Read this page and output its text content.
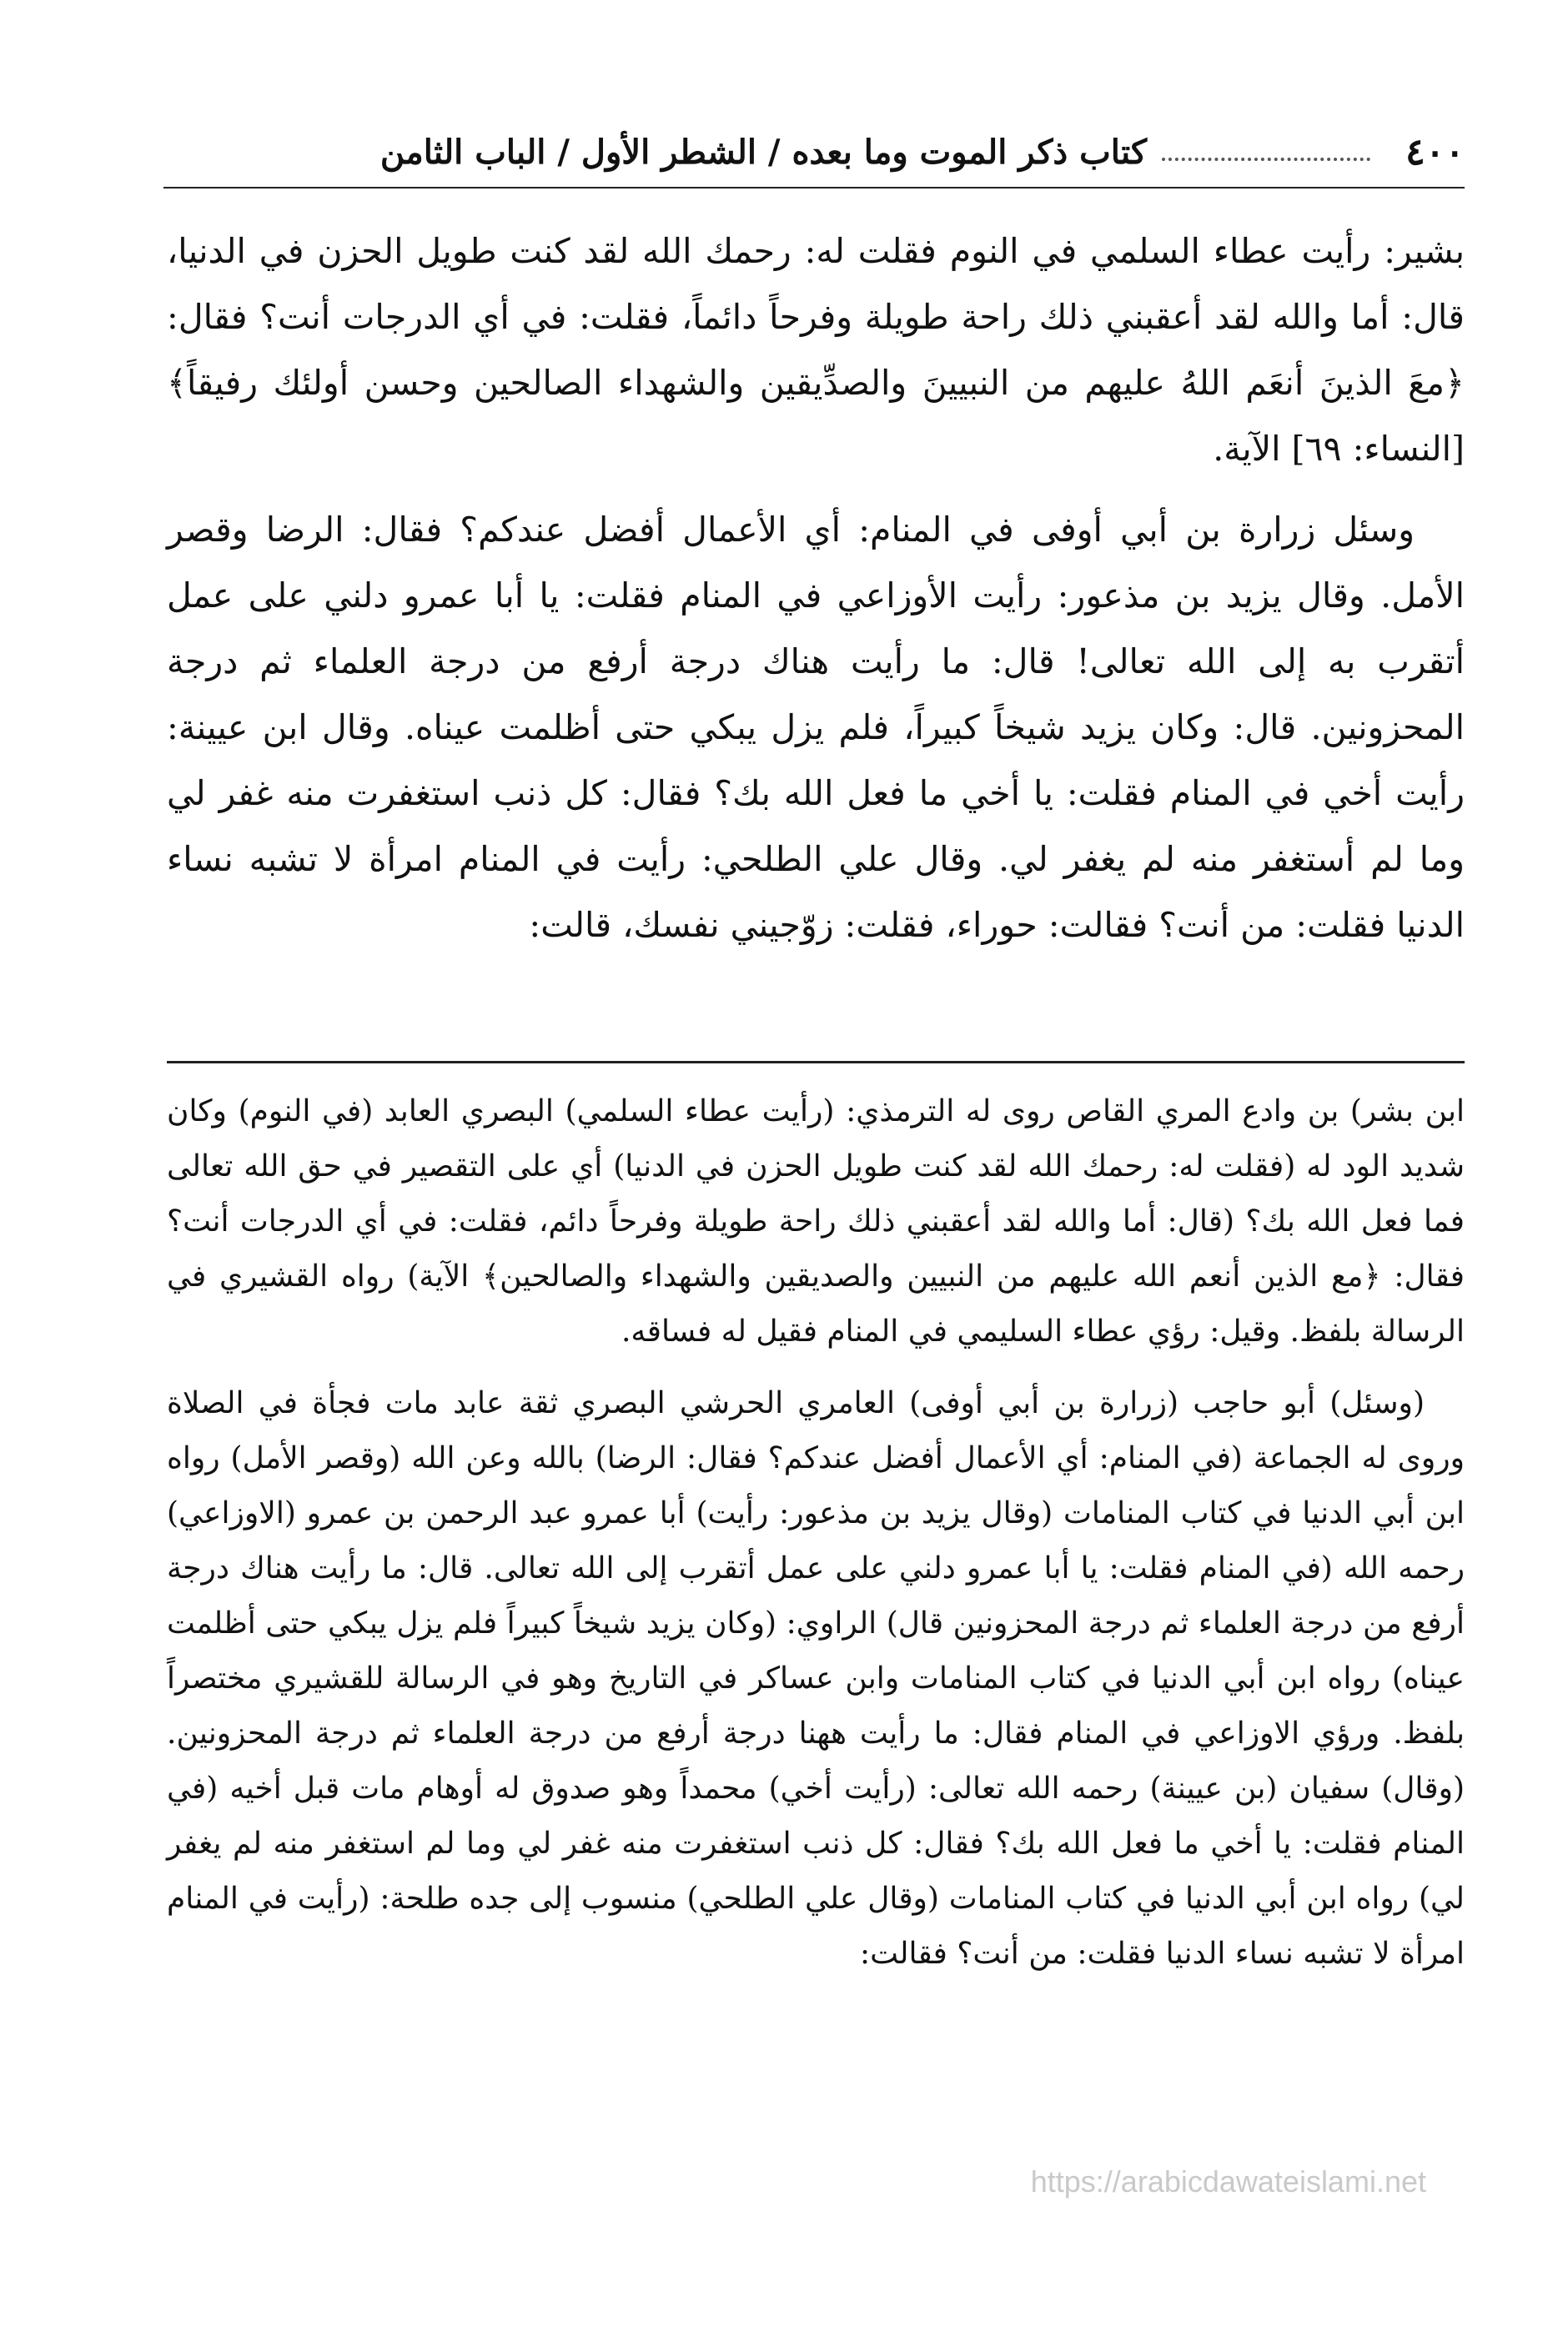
٤٠٠
كتاب ذكر الموت وما بعده / الشطر الأول / الباب الثامن

بشير: رأيت عطاء السلمي في النوم فقلت له: رحمك الله لقد كنت طويل الحزن في الدنيا، قال: أما والله لقد أعقبني ذلك راحة طويلة وفرحاً دائماً، فقلت: في أي الدرجات أنت؟ فقال: ﴿معَ الذينَ أنعَم اللهُ عليهم من النبيينَ والصدِّيقين والشهداء الصالحين وحسن أولئك رفيقاً﴾ [النساء: ٦٩] الآية.

وسئل زرارة بن أبي أوفى في المنام: أي الأعمال أفضل عندكم؟ فقال: الرضا وقصر الأمل. وقال يزيد بن مذعور: رأيت الأوزاعي في المنام فقلت: يا أبا عمرو دلني على عمل أتقرب به إلى الله تعالى! قال: ما رأيت هناك درجة أرفع من درجة العلماء ثم درجة المحزونين. قال: وكان يزيد شيخاً كبيراً، فلم يزل يبكي حتى أظلمت عيناه. وقال ابن عيينة: رأيت أخي في المنام فقلت: يا أخي ما فعل الله بك؟ فقال: كل ذنب استغفرت منه غفر لي وما لم أستغفر منه لم يغفر لي. وقال علي الطلحي: رأيت في المنام امرأة لا تشبه نساء الدنيا فقلت: من أنت؟ فقالت: حوراء، فقلت: زوّجيني نفسك، قالت:

ابن بشر) بن وادع المري القاص روى له الترمذي: (رأيت عطاء السلمي) البصري العابد (في النوم) وكان شديد الود له (فقلت له: رحمك الله لقد كنت طويل الحزن في الدنيا) أي على التقصير في حق الله تعالى فما فعل الله بك؟ (قال: أما والله لقد أعقبني ذلك راحة طويلة وفرحاً دائم، فقلت: في أي الدرجات أنت؟ فقال: ﴿مع الذين أنعم الله عليهم من النبيين والصديقين والشهداء والصالحين﴾ الآية) رواه القشيري في الرسالة بلفظ. وقيل: رؤي عطاء السليمي في المنام فقيل له فساقه.

(وسئل) أبو حاجب (زرارة بن أبي أوفى) العامري الحرشي البصري ثقة عابد مات فجأة في الصلاة وروى له الجماعة (في المنام: أي الأعمال أفضل عندكم؟ فقال: الرضا) بالله وعن الله (وقصر الأمل) رواه ابن أبي الدنيا في كتاب المنامات (وقال يزيد بن مذعور: رأيت) أبا عمرو عبد الرحمن بن عمرو (الاوزاعي) رحمه الله (في المنام فقلت: يا أبا عمرو دلني على عمل أتقرب إلى الله تعالى. قال: ما رأيت هناك درجة أرفع من درجة العلماء ثم درجة المحزونين قال) الراوي: (وكان يزيد شيخاً كبيراً فلم يزل يبكي حتى أظلمت عيناه) رواه ابن أبي الدنيا في كتاب المنامات وابن عساكر في التاريخ وهو في الرسالة للقشيري مختصراً بلفظ. ورؤي الاوزاعي في المنام فقال: ما رأيت ههنا درجة أرفع من درجة العلماء ثم درجة المحزونين. (وقال) سفيان (بن عيينة) رحمه الله تعالى: (رأيت أخي) محمداً وهو صدوق له أوهام مات قبل أخيه (في المنام فقلت: يا أخي ما فعل الله بك؟ فقال: كل ذنب استغفرت منه غفر لي وما لم استغفر منه لم يغفر لي) رواه ابن أبي الدنيا في كتاب المنامات (وقال علي الطلحي) منسوب إلى جده طلحة: (رأيت في المنام امرأة لا تشبه نساء الدنيا فقلت: من أنت؟ فقالت:

https://arabicdawateislami.net
